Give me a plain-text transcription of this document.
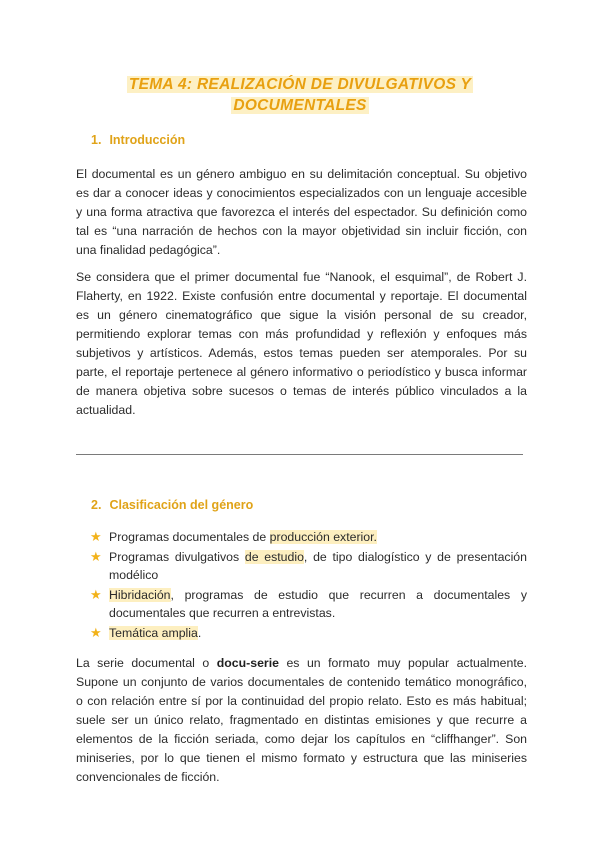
TEMA 4: REALIZACIÓN DE DIVULGATIVOS Y
DOCUMENTALES
1. Introducción

El documental es un género ambiguo en su delimitación conceptual. Su objetivo es dar a conocer ideas y conocimientos especializados con un lenguaje accesible y una forma atractiva que favorezca el interés del espectador. Su definición como tal es “una narración de hechos con la mayor objetividad sin incluir ficción, con una finalidad pedagógica”.

Se considera que el primer documental fue “Nanook, el esquimal”, de Robert J. Flaherty, en 1922. Existe confusión entre documental y reportaje. El documental es un género cinematográfico que sigue la visión personal de su creador, permitiendo explorar temas con más profundidad y reflexión y enfoques más subjetivos y artísticos. Además, estos temas pueden ser atemporales. Por su parte, el reportaje pertenece al género informativo o periodístico y busca informar de manera objetiva sobre sucesos o temas de interés público vinculados a la actualidad.

2. Clasificación del género
★ Programas documentales de producción exterior.
★ Programas divulgativos de estudio, de tipo dialogístico y de presentación modélico
★ Hibridación, programas de estudio que recurren a documentales y documentales que recurren a entrevistas.
★ Temática amplia.

La serie documental o docu-serie es un formato muy popular actualmente. Supone un conjunto de varios documentales de contenido temático monográfico, o con relación entre sí por la continuidad del propio relato. Esto es más habitual; suele ser un único relato, fragmentado en distintas emisiones y que recurre a elementos de la ficción seriada, como dejar los capítulos en “cliffhanger”. Son miniseries, por lo que tienen el mismo formato y estructura que las miniseries convencionales de ficción.
